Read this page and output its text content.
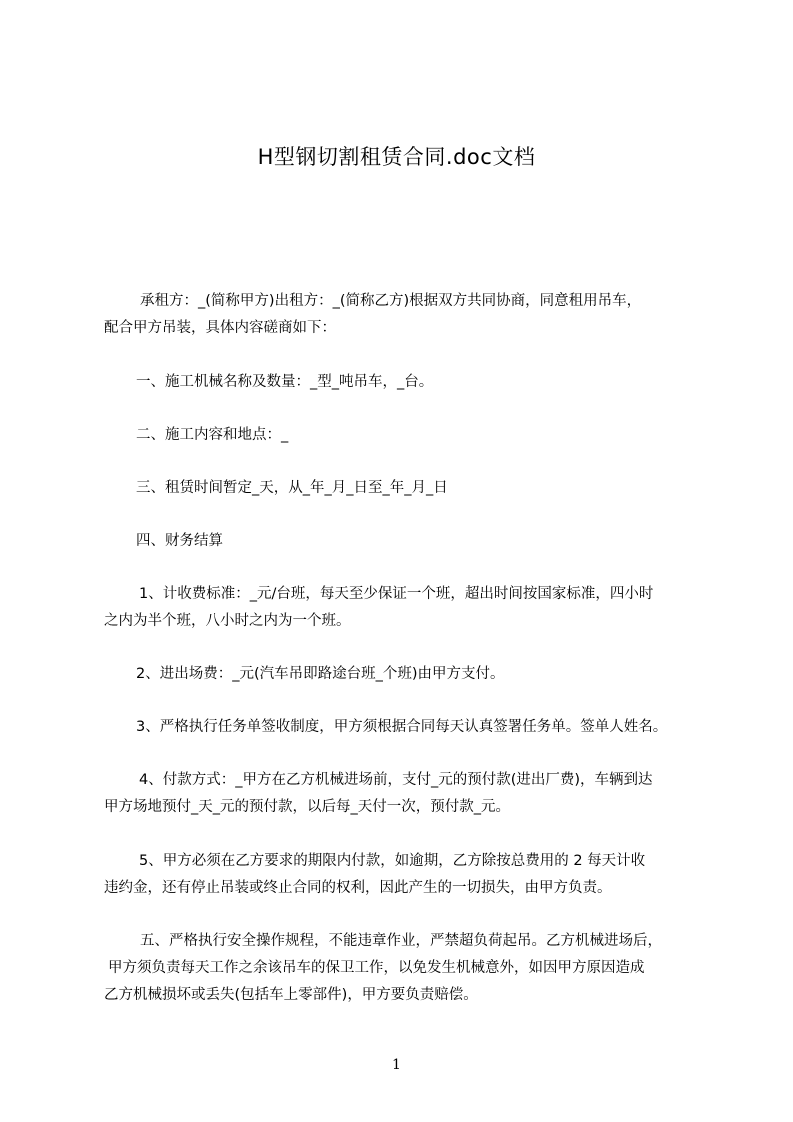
H型钢切割租赁合同.doc文档
承租方：_(简称甲方)出租方：_(简称乙方)根据双方共同协商，同意租用吊车，
配合甲方吊装，具体内容磋商如下：
一、施工机械名称及数量：_型_吨吊车，_台。
二、施工内容和地点：_
三、租赁时间暂定_天，从_年_月_日至_年_月_日
四、财务结算
1、计收费标准：_元/台班，每天至少保证一个班，超出时间按国家标准，四小时
之内为半个班，八小时之内为一个班。
2、进出场费：_元(汽车吊即路途台班_个班)由甲方支付。
3、严格执行任务单签收制度，甲方须根据合同每天认真签署任务单。签单人姓名。
4、付款方式：_甲方在乙方机械进场前，支付_元的预付款(进出厂费)，车辆到达
甲方场地预付_天_元的预付款，以后每_天付一次，预付款_元。
5、甲方必须在乙方要求的期限内付款，如逾期，乙方除按总费用的 2 每天计收
违约金，还有停止吊装或终止合同的权利，因此产生的一切损失，由甲方负责。
五、严格执行安全操作规程，不能违章作业，严禁超负荷起吊。乙方机械进场后，
甲方须负责每天工作之余该吊车的保卫工作，以免发生机械意外，如因甲方原因造成
乙方机械损坏或丢失(包括车上零部件)，甲方要负责赔偿。
1
